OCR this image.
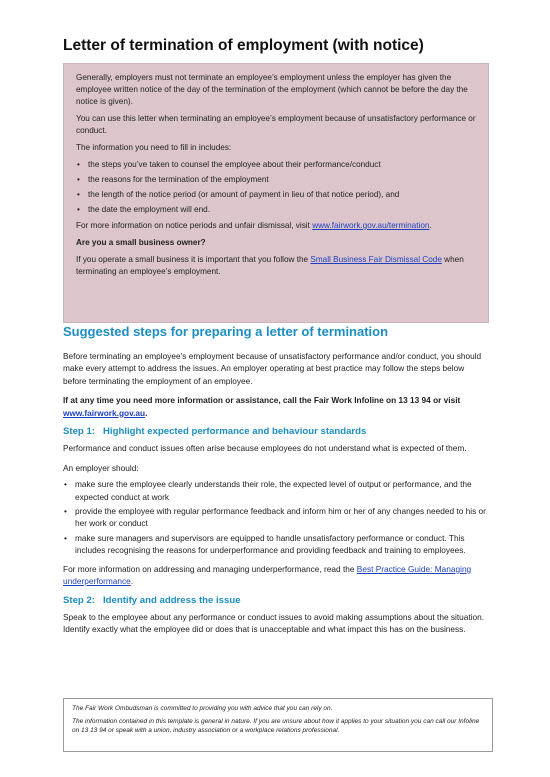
Letter of termination of employment (with notice)

Generally, employers must not terminate an employee’s employment unless the employer has given the employee written notice of the day of the termination of the employment (which cannot be before the day the notice is given).

You can use this letter when terminating an employee’s employment because of unsatisfactory performance or conduct.

The information you need to fill in includes:

• the steps you’ve taken to counsel the employee about their performance/conduct
• the reasons for the termination of the employment
• the length of the notice period (or amount of payment in lieu of that notice period), and
• the date the employment will end.

For more information on notice periods and unfair dismissal, visit www.fairwork.gov.au/termination.

Are you a small business owner?

If you operate a small business it is important that you follow the Small Business Fair Dismissal Code when terminating an employee’s employment.

Suggested steps for preparing a letter of termination

Before terminating an employee’s employment because of unsatisfactory performance and/or conduct, you should make every attempt to address the issues. An employer operating at best practice may follow the steps below before terminating the employment of an employee.

If at any time you need more information or assistance, call the Fair Work Infoline on 13 13 94 or visit www.fairwork.gov.au.

Step 1: Highlight expected performance and behaviour standards

Performance and conduct issues often arise because employees do not understand what is expected of them.

An employer should:

• make sure the employee clearly understands their role, the expected level of output or performance, and the expected conduct at work
• provide the employee with regular performance feedback and inform him or her of any changes needed to his or her work or conduct
• make sure managers and supervisors are equipped to handle unsatisfactory performance or conduct. This includes recognising the reasons for underperformance and providing feedback and training to employees.

For more information on addressing and managing underperformance, read the Best Practice Guide: Managing underperformance.

Step 2: Identify and address the issue

Speak to the employee about any performance or conduct issues to avoid making assumptions about the situation. Identify exactly what the employee did or does that is unacceptable and what impact this has on the business.

The Fair Work Ombudsman is committed to providing you with advice that you can rely on.

The information contained in this template is general in nature. If you are unsure about how it applies to your situation you can call our Infoline on 13 13 94 or speak with a union, industry association or a workplace relations professional.
